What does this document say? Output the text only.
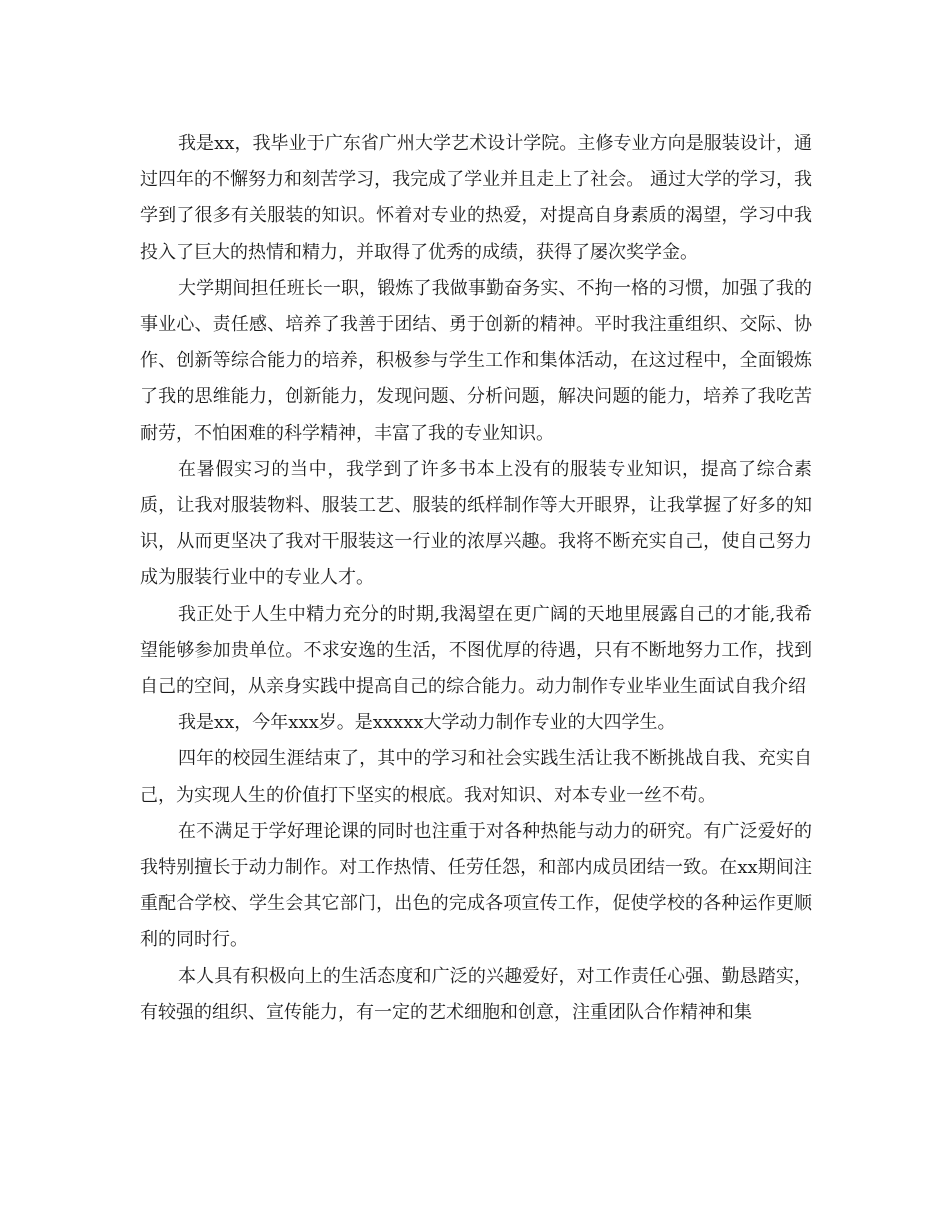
我是xx，我毕业于广东省广州大学艺术设计学院。主修专业方向是服装设计，通过四年的不懈努力和刻苦学习，我完成了学业并且走上了社会。 通过大学的学习，我学到了很多有关服装的知识。怀着对专业的热爱，对提高自身素质的渴望，学习中我投入了巨大的热情和精力，并取得了优秀的成绩，获得了屡次奖学金。

大学期间担任班长一职，锻炼了我做事勤奋务实、不拘一格的习惯，加强了我的事业心、责任感、培养了我善于团结、勇于创新的精神。平时我注重组织、交际、协作、创新等综合能力的培养，积极参与学生工作和集体活动，在这过程中，全面锻炼了我的思维能力，创新能力，发现问题、分析问题，解决问题的能力，培养了我吃苦耐劳，不怕困难的科学精神，丰富了我的专业知识。

在暑假实习的当中，我学到了许多书本上没有的服装专业知识，提高了综合素质，让我对服装物料、服装工艺、服装的纸样制作等大开眼界，让我掌握了好多的知识，从而更坚决了我对干服装这一行业的浓厚兴趣。我将不断充实自己，使自己努力成为服装行业中的专业人才。

我正处于人生中精力充分的时期,我渴望在更广阔的天地里展露自己的才能,我希望能够参加贵单位。不求安逸的生活，不图优厚的待遇，只有不断地努力工作，找到自己的空间，从亲身实践中提高自己的综合能力。动力制作专业毕业生面试自我介绍

我是xx，今年xxx岁。是xxxxx大学动力制作专业的大四学生。

四年的校园生涯结束了，其中的学习和社会实践生活让我不断挑战自我、充实自己，为实现人生的价值打下坚实的根底。我对知识、对本专业一丝不苟。

在不满足于学好理论课的同时也注重于对各种热能与动力的研究。有广泛爱好的我特别擅长于动力制作。对工作热情、任劳任怨，和部内成员团结一致。在xx期间注重配合学校、学生会其它部门，出色的完成各项宣传工作，促使学校的各种运作更顺利的同时行。

本人具有积极向上的生活态度和广泛的兴趣爱好，对工作责任心强、勤恳踏实，有较强的组织、宣传能力，有一定的艺术细胞和创意，注重团队合作精神和集
